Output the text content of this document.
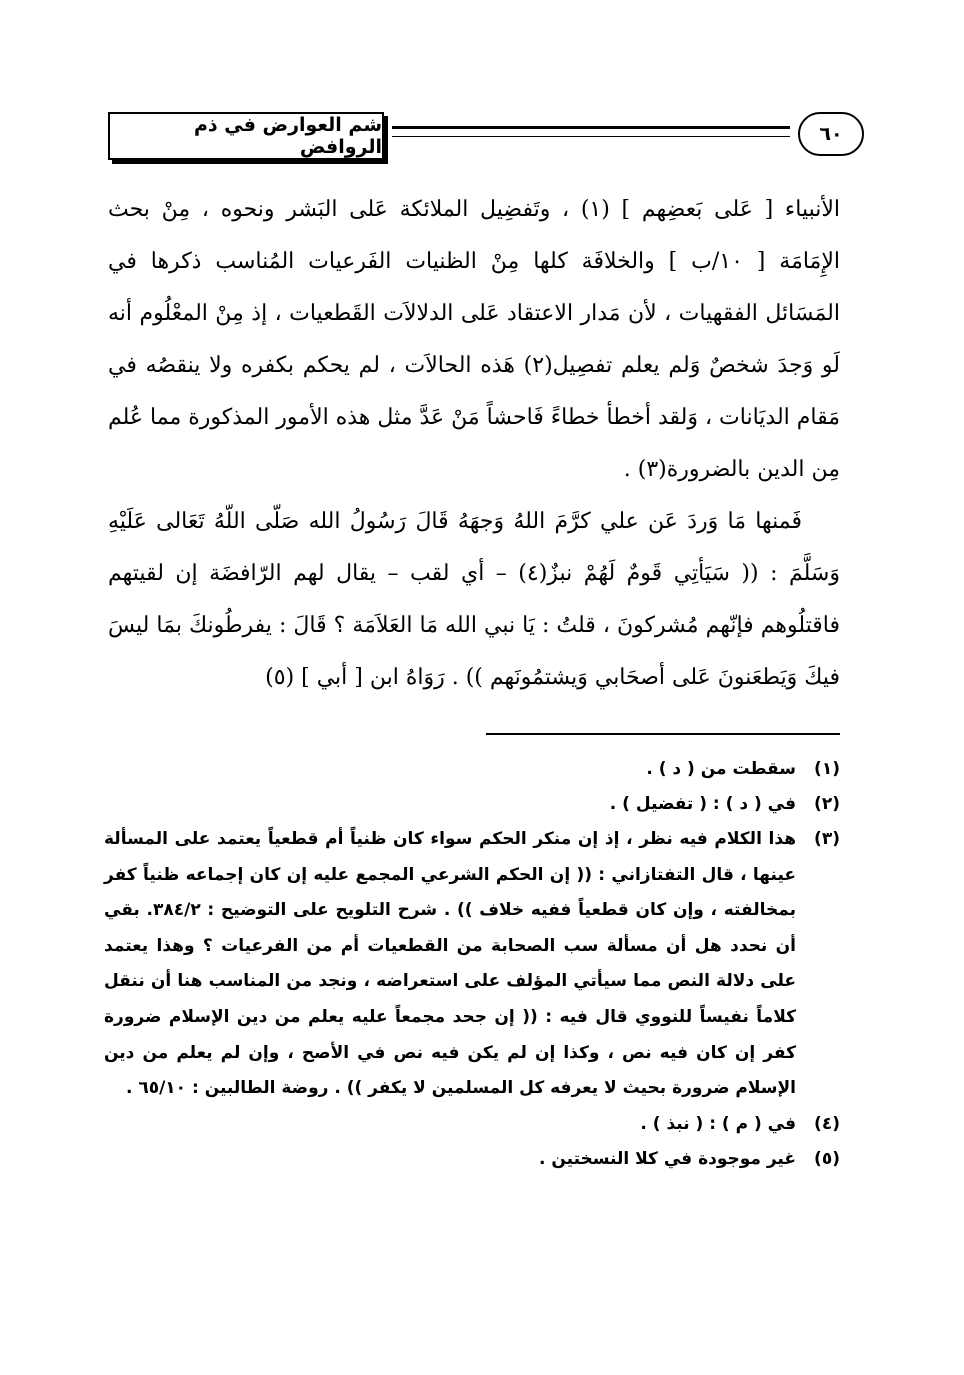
شم العوارض في ذم الروافض
٦٠

الأنبياء [ عَلى بَعضِهم ] (١) ، وتَفضِيل الملائكة عَلى البَشر ونحوه ، مِنْ بحث الإِمَامَة [ ١٠/ب ] والخلافَة كلها مِنْ الظنيات الفَرعيات المُناسب ذكرها في المَسَائل الفقهيات ، لأن مَدار الاعتقاد عَلى الدلالاَت القَطعيات ، إذ مِنْ المعْلُوم أنه لَو وَجدَ شخصٌ وَلم يعلم تفصِيل(٢) هَذه الحالاَت ، لم يحكم بكفره ولا ينقصُه في مَقام الديَانات ، وَلقد أخطأ خطاءً فَاحشاً مَنْ عَدَّ مثل هذه الأمور المذكورة مما عُلم مِن الدين بالضرورة(٣) .

فَمنها مَا وَردَ عَن علي كرَّمَ اللهُ وَجهَهُ قَالَ رَسُولُ الله صَلّى اللّهُ تَعَالى عَلَيْهِ وَسَلَّمَ : (( سَيَأتِي قَومٌ لَهُمْ نبزٌ(٤) – أي لقب – يقال لهم الرّافضَة إن لقيتهم فاقتلُوهم فإنّهم مُشركونَ ، قلتُ : يَا نبي الله مَا العَلاَمَة ؟ قَالَ : يفرطُونكَ بمَا ليسَ فيكَ وَيَطعَنونَ عَلى أصحَابي وَيشتمُونَهم )) . رَوَاهُ ابن [ أبي ] (٥)

(١)
سقطت من ( د ) .
(٢)
في ( د ) : ( تفضيل ) .
(٣)
هذا الكلام فيه نظر ، إذ إن منكر الحكم سواء كان ظنياً أم قطعياً يعتمد على المسألة عينها ، قال التفتازاني : (( إن الحكم الشرعي المجمع عليه إن كان إجماعه ظنياً كفر بمخالفته ، وإن كان قطعياً ففيه خلاف )) . شرح التلويح على التوضيح : ٣٨٤/٢. بقي أن نحدد هل أن مسألة سب الصحابة من القطعيات أم من الفرعيات ؟ وهذا يعتمد على دلالة النص مما سيأتي المؤلف على استعراضه ، ونجد من المناسب هنا أن ننقل كلاماً نفيساً للنووي قال فيه : (( إن جحد مجمعاً عليه يعلم من دين الإسلام ضرورة كفر إن كان فيه نص ، وكذا إن لم يكن فيه نص في الأصح ، وإن لم يعلم من دين الإسلام ضرورة بحيث لا يعرفه كل المسلمين لا يكفر )) . روضة الطالبين : ٦٥/١٠ .
(٤)
في ( م ) : ( نبذ ) .
(٥)
غير موجودة في كلا النسختين .
